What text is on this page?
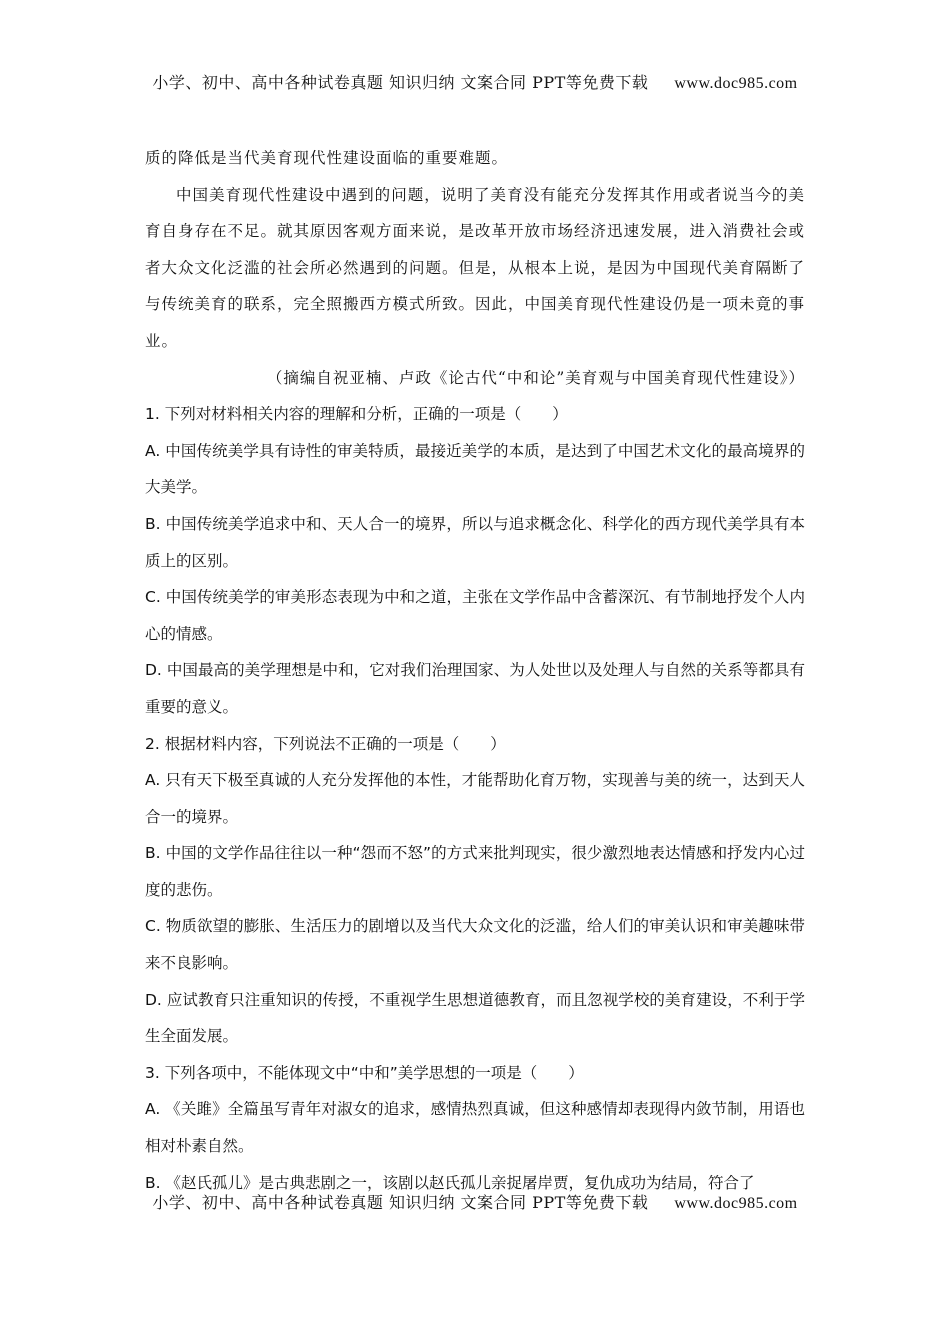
小学、初中、高中各种试卷真题 知识归纳 文案合同 PPT等免费下载 www.doc985.com
质的降低是当代美育现代性建设面临的重要难题。
中国美育现代性建设中遇到的问题，说明了美育没有能充分发挥其作用或者说当今的美育自身存在不足。就其原因客观方面来说，是改革开放市场经济迅速发展，进入消费社会或者大众文化泛滥的社会所必然遇到的问题。但是，从根本上说，是因为中国现代美育隔断了与传统美育的联系，完全照搬西方模式所致。因此，中国美育现代性建设仍是一项未竟的事业。
（摘编自祝亚楠、卢政《论古代“中和论”美育观与中国美育现代性建设》）
1. 下列对材料相关内容的理解和分析，正确的一项是（　　）
A. 中国传统美学具有诗性的审美特质，最接近美学的本质，是达到了中国艺术文化的最高境界的大美学。
B. 中国传统美学追求中和、天人合一的境界，所以与追求概念化、科学化的西方现代美学具有本质上的区别。
C. 中国传统美学的审美形态表现为中和之道，主张在文学作品中含蓄深沉、有节制地抒发个人内心的情感。
D. 中国最高的美学理想是中和，它对我们治理国家、为人处世以及处理人与自然的关系等都具有重要的意义。
2. 根据材料内容，下列说法不正确的一项是（　　）
A. 只有天下极至真诚的人充分发挥他的本性，才能帮助化育万物，实现善与美的统一，达到天人合一的境界。
B. 中国的文学作品往往以一种“怨而不怒”的方式来批判现实，很少激烈地表达情感和抒发内心过度的悲伤。
C. 物质欲望的膨胀、生活压力的剧增以及当代大众文化的泛滥，给人们的审美认识和审美趣味带来不良影响。
D. 应试教育只注重知识的传授，不重视学生思想道德教育，而且忽视学校的美育建设，不利于学生全面发展。
3. 下列各项中，不能体现文中“中和”美学思想的一项是（　　）
A. 《关雎》全篇虽写青年对淑女的追求，感情热烈真诚，但这种感情却表现得内敛节制，用语也相对朴素自然。
B. 《赵氏孤儿》是古典悲剧之一，该剧以赵氏孤儿亲捉屠岸贾，复仇成功为结局，符合了
小学、初中、高中各种试卷真题 知识归纳 文案合同 PPT等免费下载 www.doc985.com
